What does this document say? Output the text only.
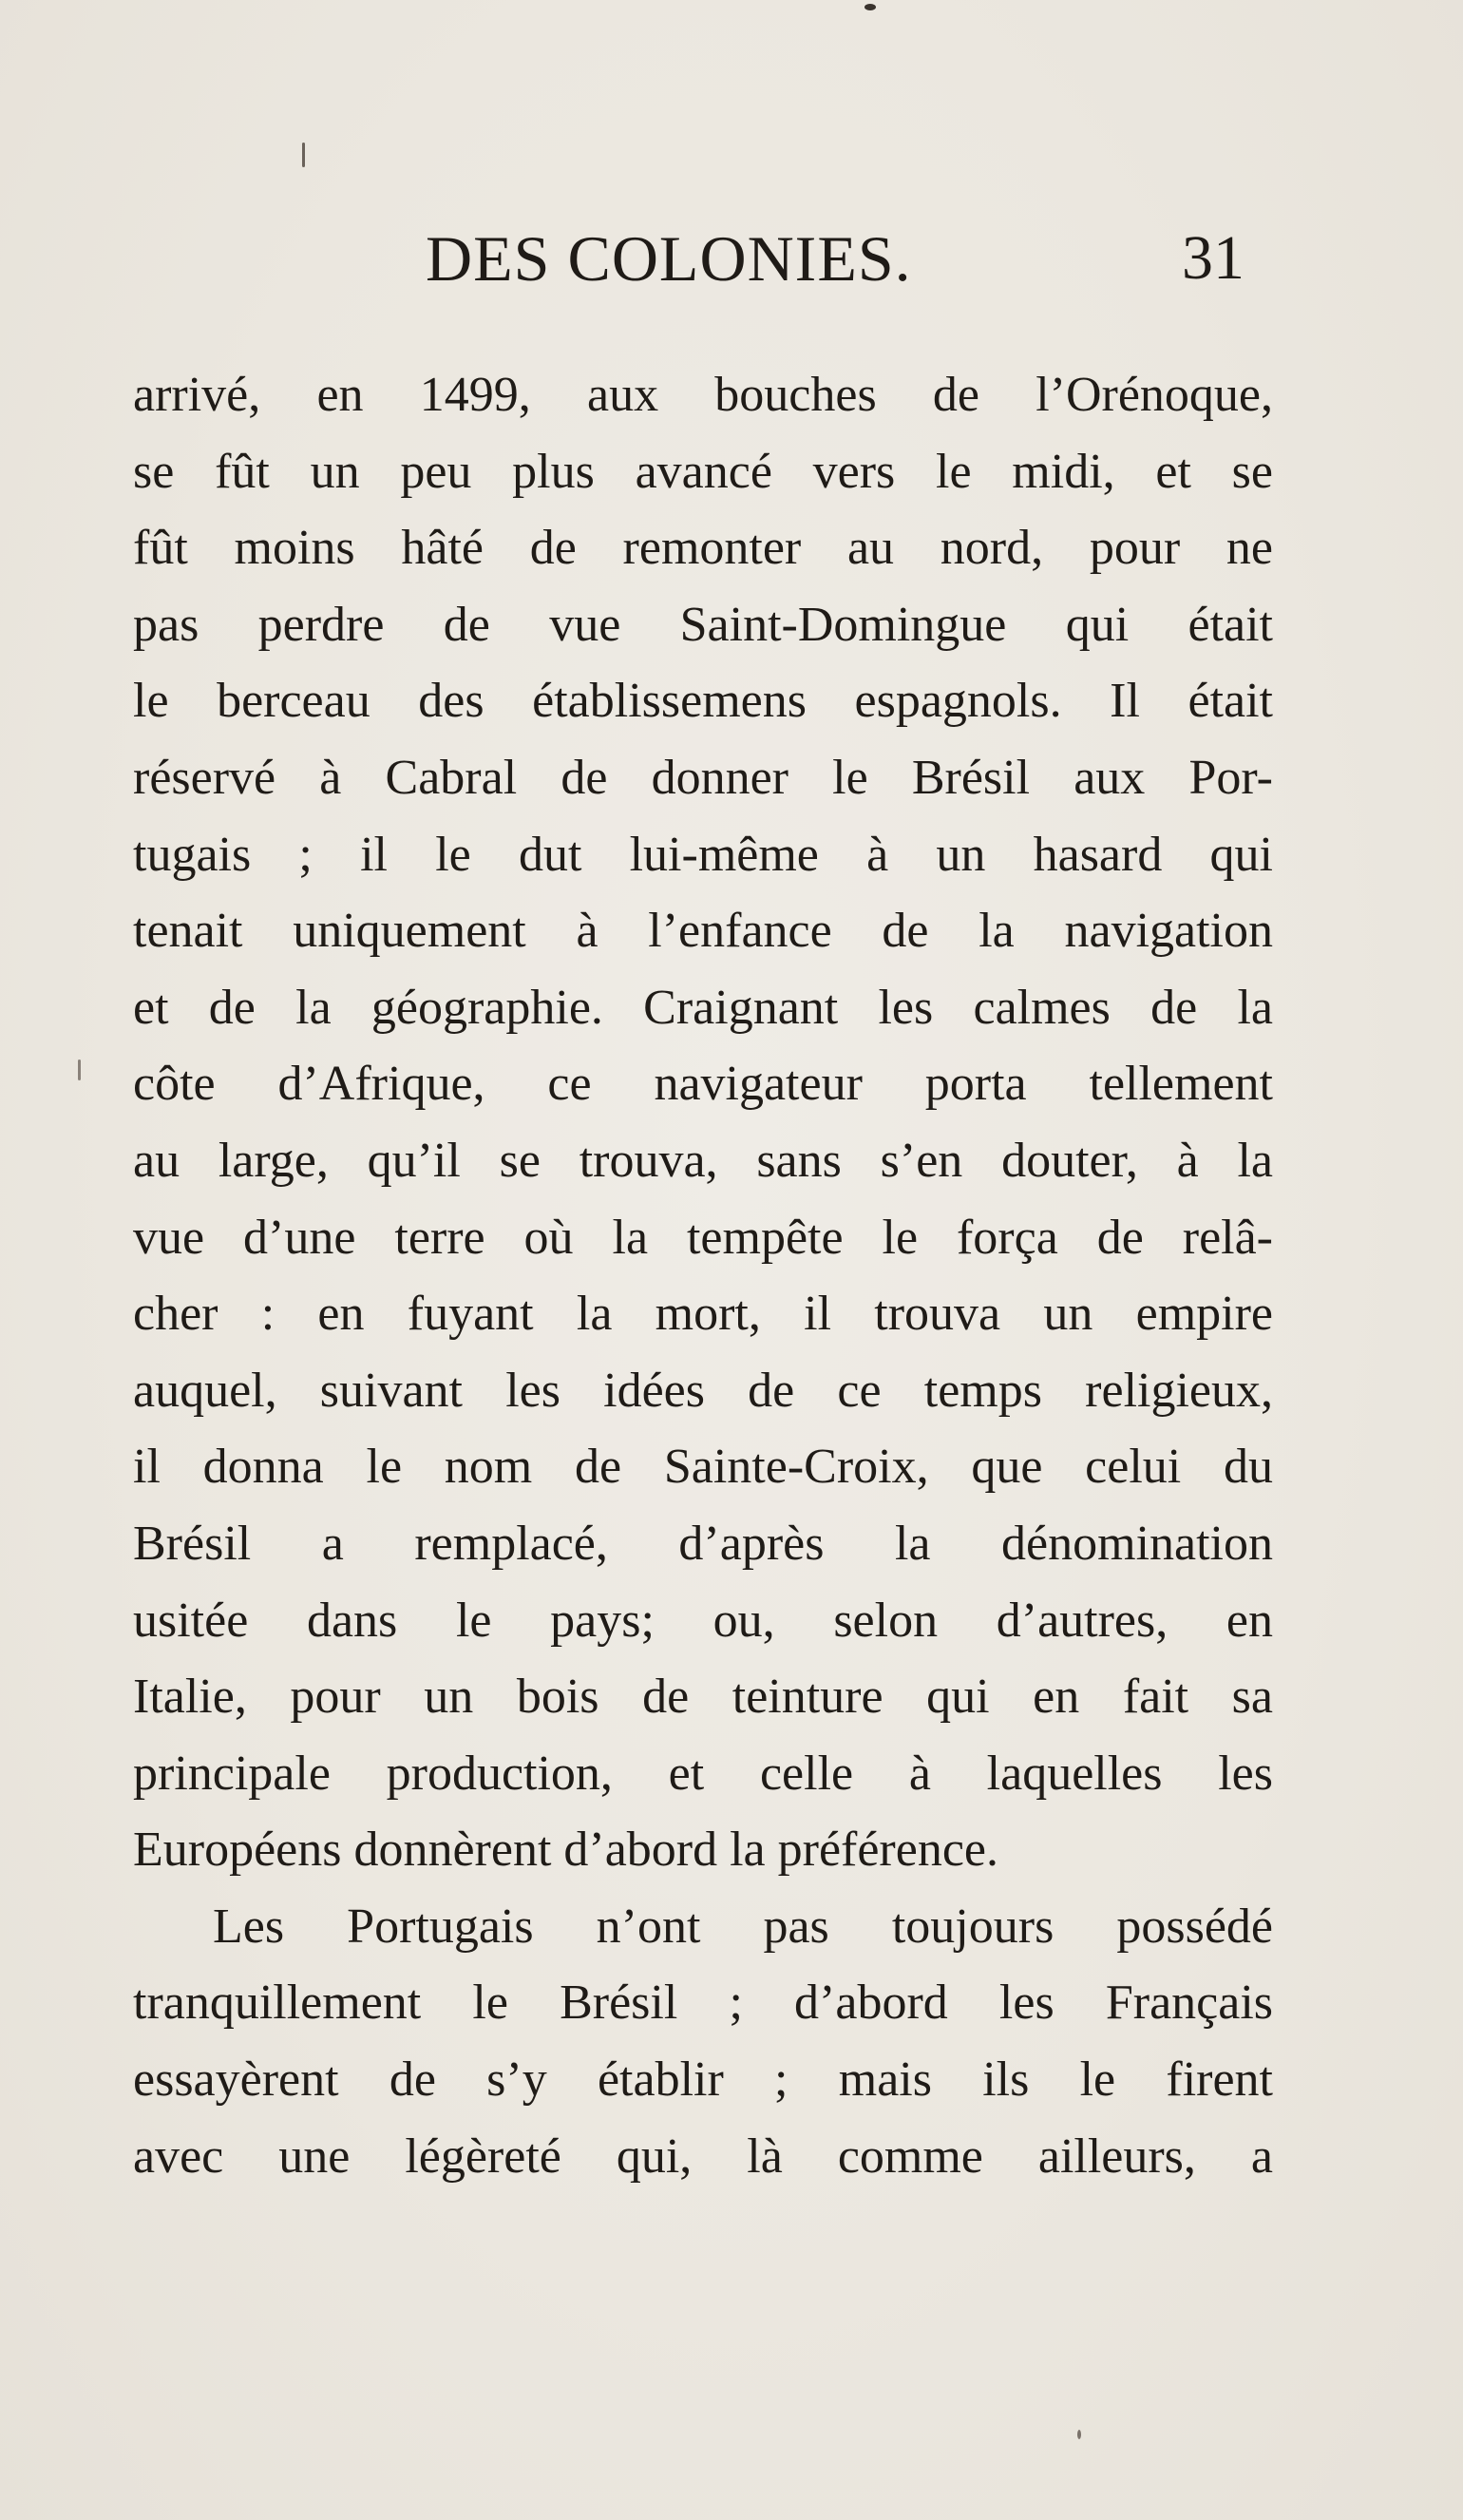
DES COLONIES.	31
arrivé, en 1499, aux bouches de l’Orénoque,
se fût un peu plus avancé vers le midi, et se
fût moins hâté de remonter au nord, pour ne
pas perdre de vue Saint-Domingue qui était
le berceau des établissemens espagnols. Il était
réservé à Cabral de donner le Brésil aux Por-
tugais ; il le dut lui-même à un hasard qui
tenait uniquement à l’enfance de la navigation
et de la géographie. Craignant les calmes de la
côte d’Afrique, ce navigateur porta tellement
au large, qu’il se trouva, sans s’en douter, à la
vue d’une terre où la tempête le força de relâ-
cher : en fuyant la mort, il trouva un empire
auquel, suivant les idées de ce temps religieux,
il donna le nom de Sainte-Croix, que celui du
Brésil a remplacé, d’après la dénomination
usitée dans le pays; ou, selon d’autres, en
Italie, pour un bois de teinture qui en fait sa
principale production, et celle à laquelles les
Européens donnèrent d’abord la préférence.
Les Portugais n’ont pas toujours possédé
tranquillement le Brésil ; d’abord les Français
essayèrent de s’y établir ; mais ils le firent
avec une légèreté qui, là comme ailleurs, a
